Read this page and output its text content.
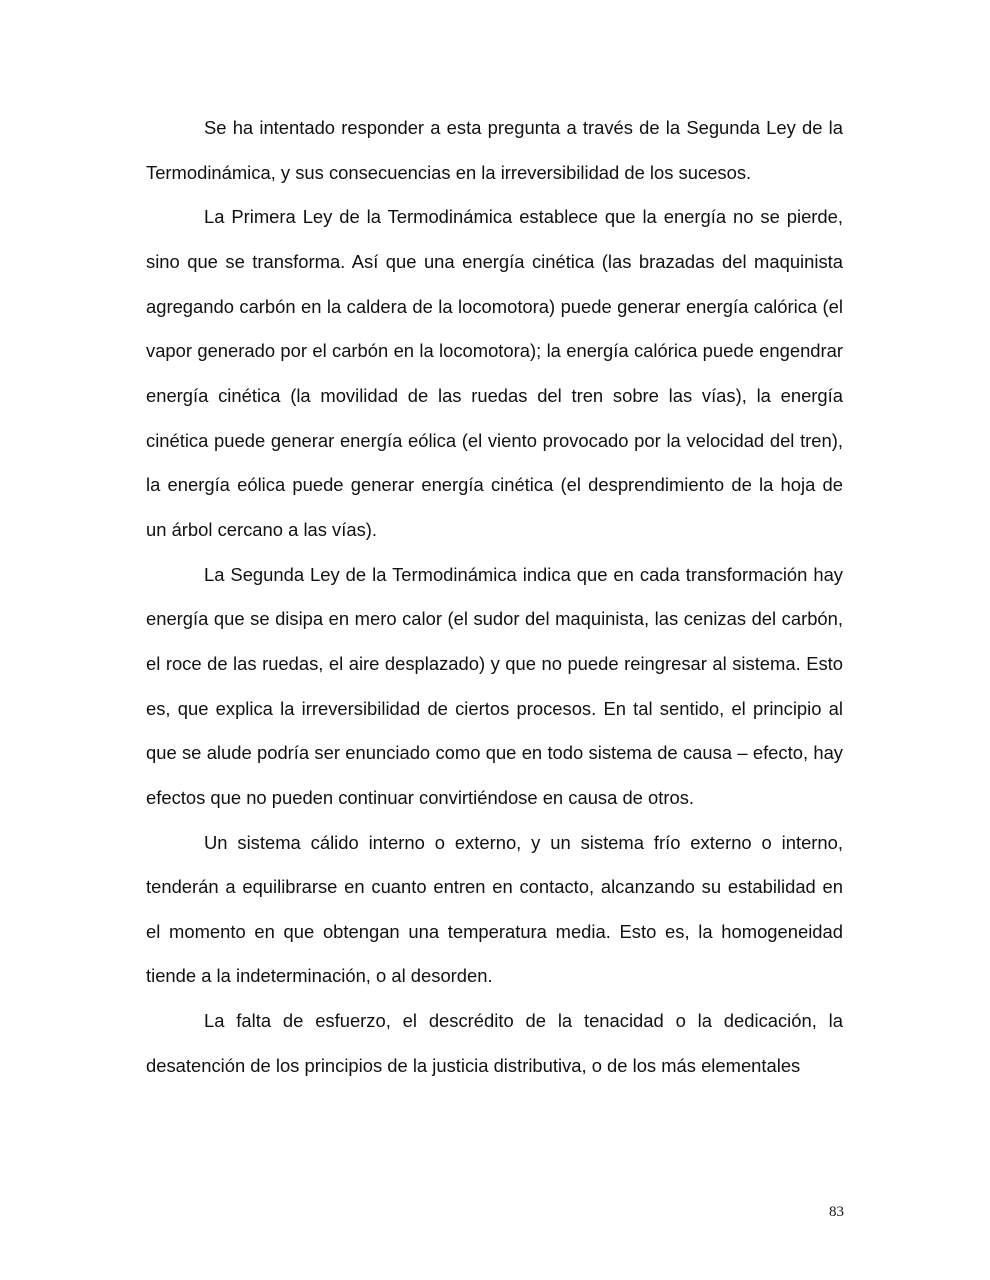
Se ha intentado responder a esta pregunta a través de la Segunda Ley de la Termodinámica, y sus consecuencias en la irreversibilidad de los sucesos.

La Primera Ley de la Termodinámica establece que la energía no se pierde, sino que se transforma. Así que una energía cinética (las brazadas del maquinista agregando carbón en la caldera de la locomotora) puede generar energía calórica (el vapor generado por el carbón en la locomotora); la energía calórica puede engendrar energía cinética (la movilidad de las ruedas del tren sobre las vías), la energía cinética puede generar energía eólica (el viento provocado por la velocidad del tren), la energía eólica puede generar energía cinética (el desprendimiento de la hoja de un árbol cercano a las vías).

La Segunda Ley de la Termodinámica indica que en cada transformación hay energía que se disipa en mero calor (el sudor del maquinista, las cenizas del carbón, el roce de las ruedas, el aire desplazado) y que no puede reingresar al sistema. Esto es, que explica la irreversibilidad de ciertos procesos. En tal sentido, el principio al que se alude podría ser enunciado como que en todo sistema de causa – efecto, hay efectos que no pueden continuar convirtiéndose en causa de otros.

Un sistema cálido interno o externo, y un sistema frío externo o interno, tenderán a equilibrarse en cuanto entren en contacto, alcanzando su estabilidad en el momento en que obtengan una temperatura media. Esto es, la homogeneidad tiende a la indeterminación, o al desorden.

La falta de esfuerzo, el descrédito de la tenacidad o la dedicación, la desatención de los principios de la justicia distributiva, o de los más elementales

83
